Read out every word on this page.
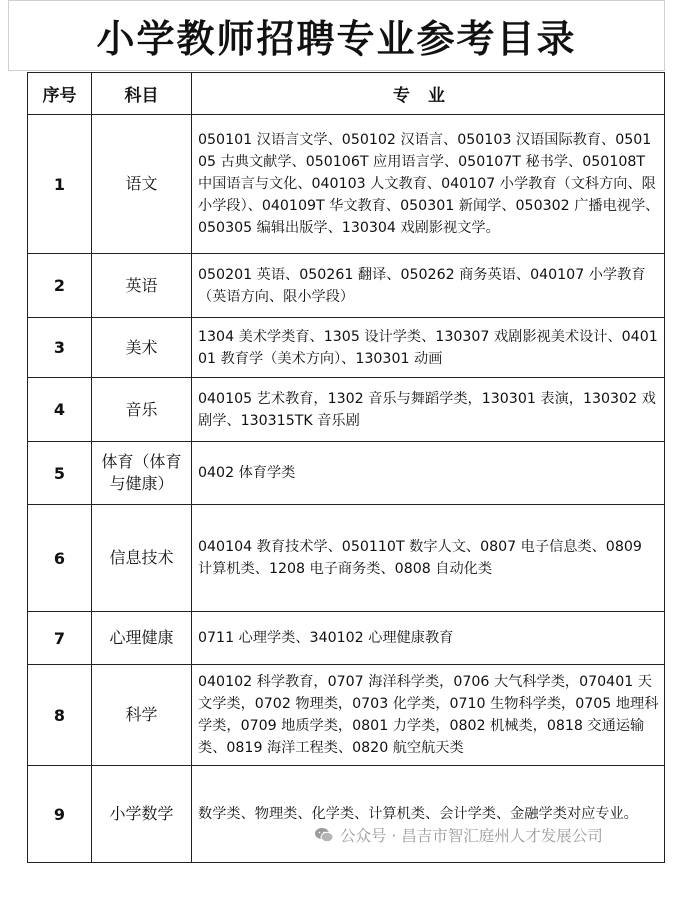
小学教师招聘专业参考目录
序号	科目	专业
1	语文	050101 汉语言文学、050102 汉语言、050103 汉语国际教育、050105 古典文献学、050106T 应用语言学、050107T 秘书学、050108T 中国语言与文化、040103 人文教育、040107 小学教育（文科方向、限小学段）、040109T 华文教育、050301 新闻学、050302 广播电视学、050305 编辑出版学、130304 戏剧影视文学。
2	英语	050201 英语、050261 翻译、050262 商务英语、040107 小学教育（英语方向、限小学段）
3	美术	1304 美术学类育、1305 设计学类、130307 戏剧影视美术设计、040101 教育学（美术方向）、130301 动画
4	音乐	040105 艺术教育，1302 音乐与舞蹈学类，130301 表演，130302 戏剧学、130315TK 音乐剧
5	体育（体育与健康）	0402 体育学类
6	信息技术	040104 教育技术学、050110T 数字人文、0807 电子信息类、0809 计算机类、1208 电子商务类、0808 自动化类
7	心理健康	0711 心理学类、340102 心理健康教育
8	科学	040102 科学教育，0707 海洋科学类，0706 大气科学类，070401 天文学类，0702 物理类，0703 化学类，0710 生物科学类，0705 地理科学类，0709 地质学类，0801 力学类，0802 机械类，0818 交通运输类、0819 海洋工程类、0820 航空航天类
9	小学数学	数学类、物理类、化学类、计算机类、会计学类、金融学类对应专业。
公众号 · 昌吉市智汇庭州人才发展公司
